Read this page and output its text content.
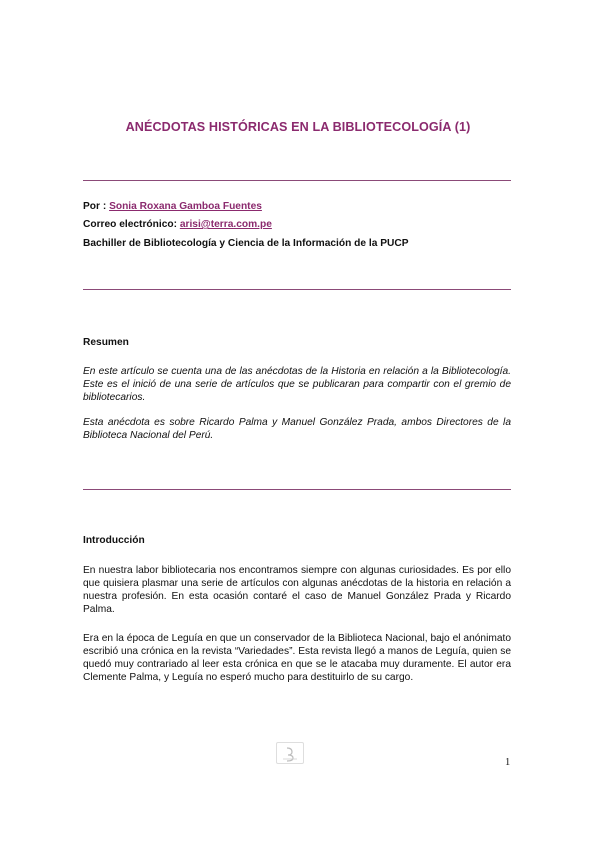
ANÉCDOTAS HISTÓRICAS EN LA BIBLIOTECOLOGÍA (1)
Por : Sonia Roxana Gamboa Fuentes
Correo electrónico: arisi@terra.com.pe
Bachiller de Bibliotecología y Ciencia de la Información de la PUCP
Resumen
En este artículo se cuenta una de las anécdotas de la Historia en relación a la Bibliotecología. Este es el inició de una serie de artículos que se publicaran para compartir con el gremio de bibliotecarios.
Esta anécdota es sobre Ricardo Palma y Manuel González Prada, ambos Directores de la Biblioteca Nacional del Perú.
Introducción
En nuestra labor bibliotecaria nos encontramos siempre con algunas curiosidades. Es por ello que quisiera plasmar una serie de artículos con algunas anécdotas de la historia en relación a nuestra profesión. En esta ocasión contaré el caso de Manuel González Prada y Ricardo Palma.
Era en la época de Leguía en que un conservador de la Biblioteca Nacional, bajo el anónimato escribió una crónica en la revista “Variedades”. Esta revista llegó a manos de Leguía, quien se quedó muy contrariado al leer esta crónica en que se le atacaba muy duramente. El autor era Clemente Palma, y Leguía no esperó mucho para destituirlo de su cargo.
1
